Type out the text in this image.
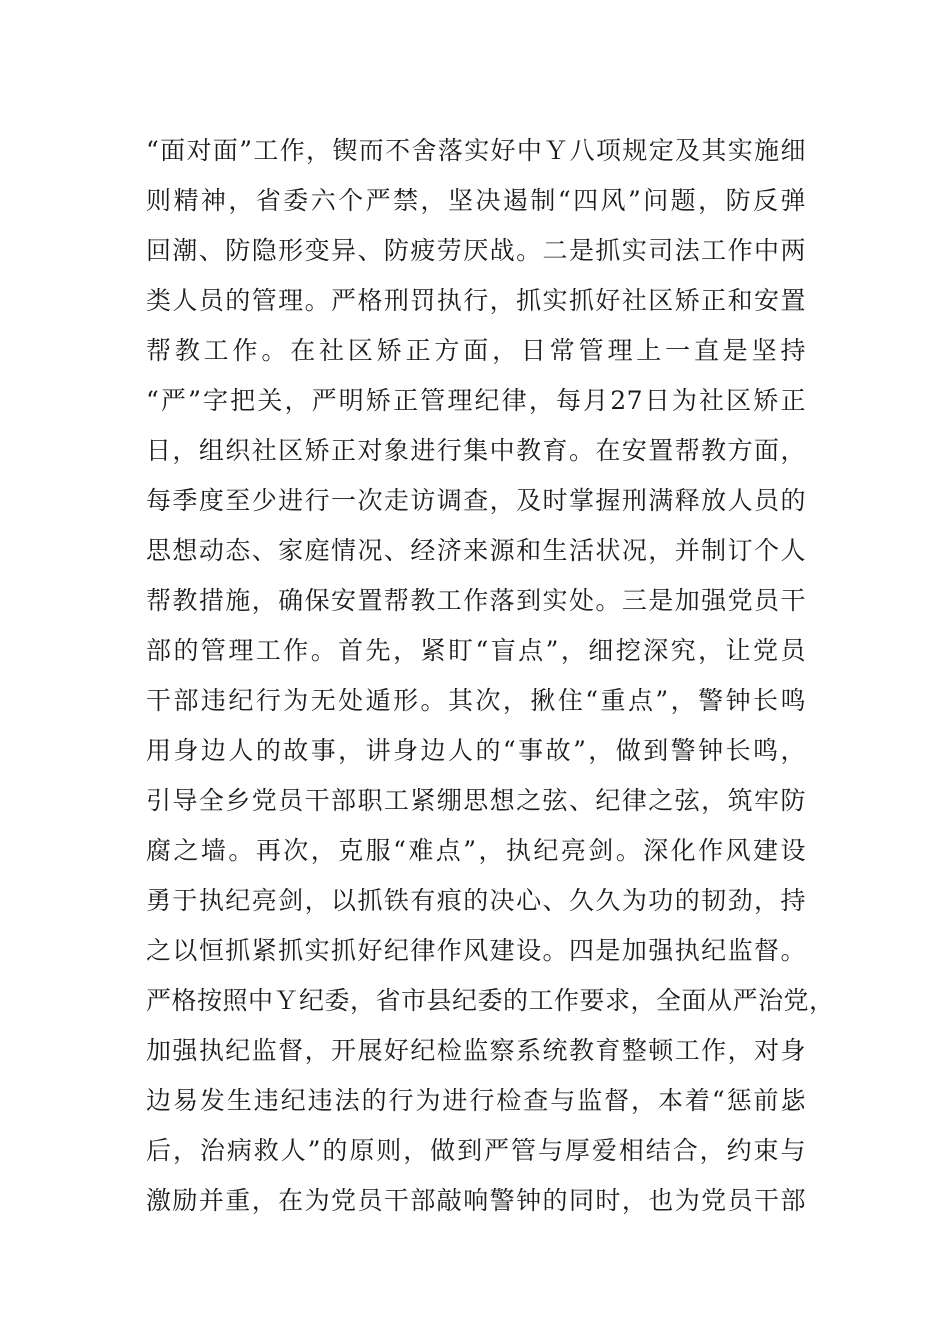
“面对面”工作，锲而不舍落实好中Ｙ八项规定及其实施细
则精神，省委六个严禁，坚决遏制“四风”问题，防反弹
回潮、防隐形变异、防疲劳厌战。二是抓实司法工作中两
类人员的管理。严格刑罚执行，抓实抓好社区矫正和安置
帮教工作。在社区矫正方面，日常管理上一直是坚持
“严”字把关，严明矫正管理纪律，每月27日为社区矫正
日，组织社区矫正对象进行集中教育。在安置帮教方面，
每季度至少进行一次走访调查，及时掌握刑满释放人员的
思想动态、家庭情况、经济来源和生活状况，并制订个人
帮教措施，确保安置帮教工作落到实处。三是加强党员干
部的管理工作。首先，紧盯“盲点”，细挖深究，让党员
干部违纪行为无处遁形。其次，揪住“重点”，警钟长鸣
用身边人的故事，讲身边人的“事故”，做到警钟长鸣，
引导全乡党员干部职工紧绷思想之弦、纪律之弦，筑牢防
腐之墙。再次，克服“难点”，执纪亮剑。深化作风建设
勇于执纪亮剑，以抓铁有痕的决心、久久为功的韧劲，持
之以恒抓紧抓实抓好纪律作风建设。四是加强执纪监督。
严格按照中Ｙ纪委，省市县纪委的工作要求，全面从严治党，
加强执纪监督，开展好纪检监察系统教育整顿工作，对身
边易发生违纪违法的行为进行检查与监督，本着“惩前毖
后，治病救人”的原则，做到严管与厚爱相结合，约束与
激励并重，在为党员干部敲响警钟的同时，也为党员干部
